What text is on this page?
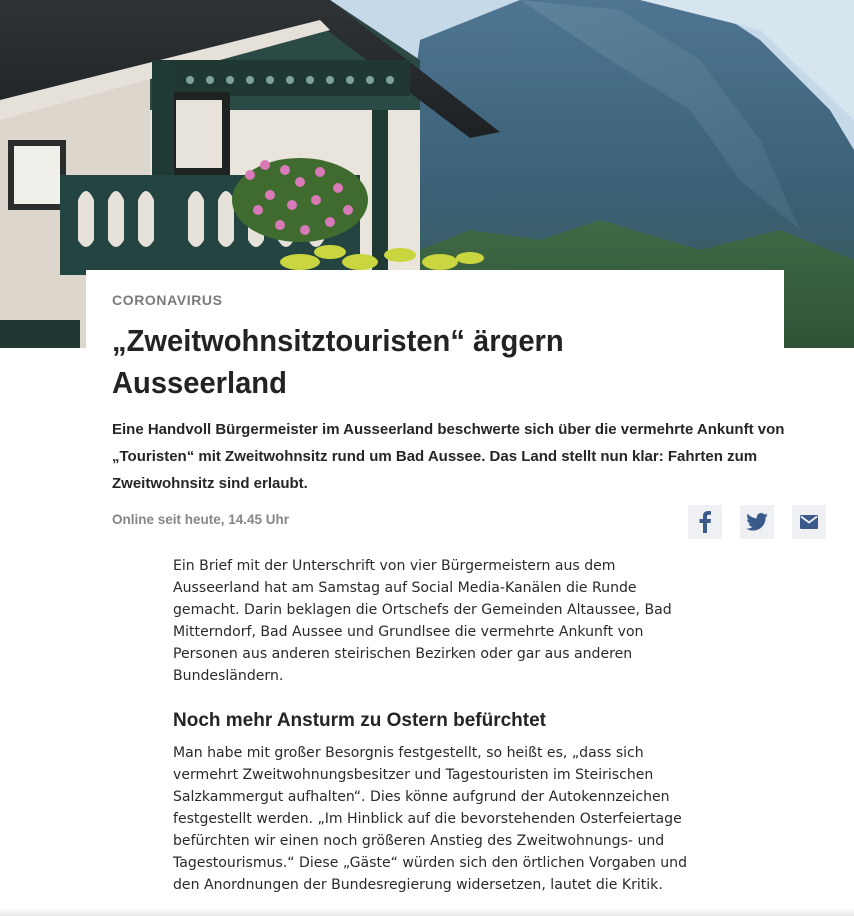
CORONAVIRUS
„Zweitwohnsitztouristen“ ärgern Ausseerland

Eine Handvoll Bürgermeister im Ausseerland beschwerte sich über die vermehrte Ankunft von „Touristen“ mit Zweitwohnsitz rund um Bad Aussee. Das Land stellt nun klar: Fahrten zum Zweitwohnsitz sind erlaubt.

Online seit heute, 14.45 Uhr

Ein Brief mit der Unterschrift von vier Bürgermeistern aus dem Ausseerland hat am Samstag auf Social Media-Kanälen die Runde gemacht. Darin beklagen die Ortschefs der Gemeinden Altaussee, Bad Mitterndorf, Bad Aussee und Grundlsee die vermehrte Ankunft von Personen aus anderen steirischen Bezirken oder gar aus anderen Bundesländern.

Noch mehr Ansturm zu Ostern befürchtet

Man habe mit großer Besorgnis festgestellt, so heißt es, „dass sich vermehrt Zweitwohnungsbesitzer und Tagestouristen im Steirischen Salzkammergut aufhalten“. Dies könne aufgrund der Autokennzeichen festgestellt werden. „Im Hinblick auf die bevorstehenden Osterfeiertage befürchten wir einen noch größeren Anstieg des Zweitwohnungs- und Tagestourismus.“ Diese „Gäste“ würden sich den örtlichen Vorgaben und den Anordnungen der Bundesregierung widersetzen, lautet die Kritik.
